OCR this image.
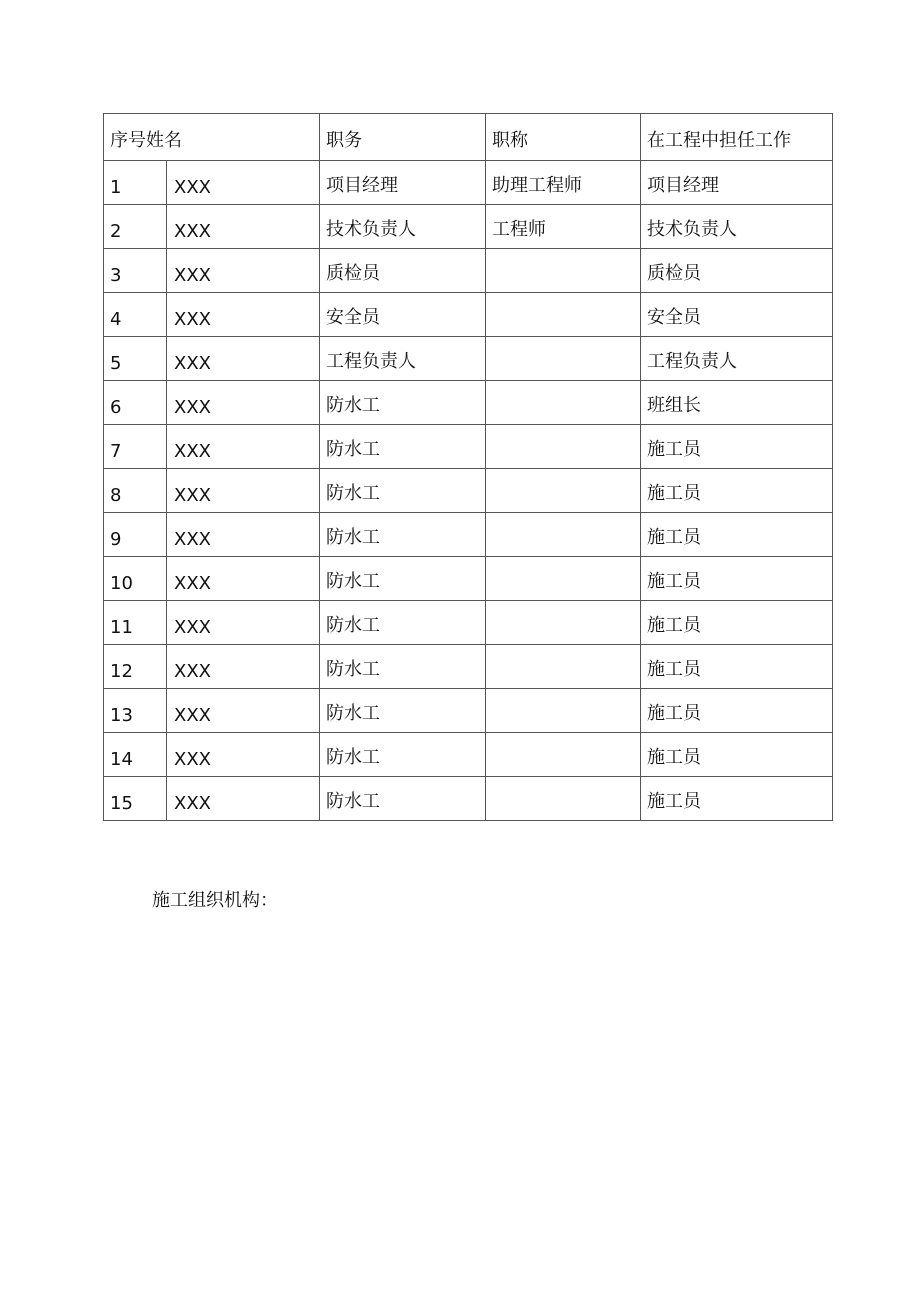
序号姓名		职务	职称	在工程中担任工作
1	XXX	项目经理	助理工程师	项目经理
2	XXX	技术负责人	工程师	技术负责人
3	XXX	质检员		质检员
4	XXX	安全员		安全员
5	XXX	工程负责人		工程负责人
6	XXX	防水工		班组长
7	XXX	防水工		施工员
8	XXX	防水工		施工员
9	XXX	防水工		施工员
10	XXX	防水工		施工员
11	XXX	防水工		施工员
12	XXX	防水工		施工员
13	XXX	防水工		施工员
14	XXX	防水工		施工员
15	XXX	防水工		施工员
施工组织机构：
